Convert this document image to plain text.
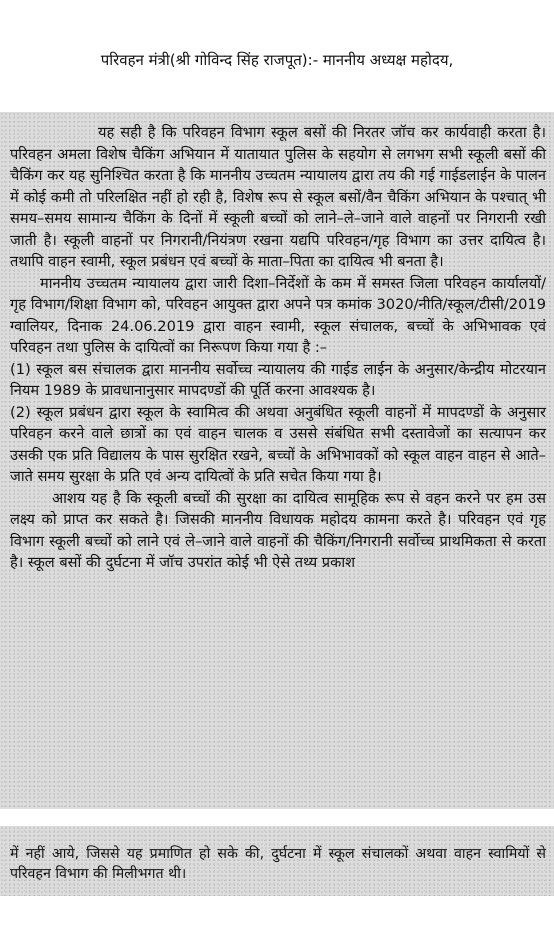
परिवहन मंत्री(श्री गोविन्द सिंह राजपूत):- माननीय अध्यक्ष महोदय,

यह सही है कि परिवहन विभाग स्कूल बसों की निरतर जॉच कर कार्यवाही करता है। परिवहन अमला विशेष चैकिंग अभियान में यातायात पुलिस के सहयोग से लगभग सभी स्कूली बसों की चैकिंग कर यह सुनिश्चित करता है कि माननीय उच्चतम न्यायालय द्वारा तय की गई गाईडलाईन के पालन में कोई कमी तो परिलक्षित नहीं हो रही है, विशेष रूप से स्कूल बसों/वैन चैकिंग अभियान के पश्चात् भी समय–समय सामान्य चैकिंग के दिनों में स्कूली बच्चों को लाने–ले–जाने वाले वाहनों पर निगरानी रखी जाती है। स्कूली वाहनों पर निगरानी/नियंत्रण रखना यद्यपि परिवहन/गृह विभाग का उत्तर दायित्व है। तथापि वाहन स्वामी, स्कूल प्रबंधन एवं बच्चों के माता–पिता का दायित्व भी बनता है।

माननीय उच्चतम न्यायालय द्वारा जारी दिशा–निर्देशों के कम में समस्त जिला परिवहन कार्यालयों/गृह विभाग/शिक्षा विभाग को, परिवहन आयुक्त द्वारा अपने पत्र कमांक 3020/नीति/स्कूल/टीसी/2019 ग्वालियर, दिनाक 24.06.2019 द्वारा वाहन स्वामी, स्कूल संचालक, बच्चों के अभिभावक एवं परिवहन तथा पुलिस के दायित्वों का निरूपण किया गया है :–

(1) स्कूल बस संचालक द्वारा माननीय सर्वोच्च न्यायालय की गाईड लाईन के अनुसार/केन्द्रीय मोटरयान नियम 1989 के प्रावधानानुसार मापदण्डों की पूर्ति करना आवश्यक है।

(2) स्कूल प्रबंधन द्वारा स्कूल के स्वामित्व की अथवा अनुबंधित स्कूली वाहनों में मापदण्डों के अनुसार परिवहन करने वाले छात्रों का एवं वाहन चालक व उससे संबंधित सभी दस्तावेजों का सत्यापन कर उसकी एक प्रति विद्यालय के पास सुरक्षित रखने, बच्चों के अभिभावकों को स्कूल वाहन वाहन से आते–जाते समय सुरक्षा के प्रति एवं अन्य दायित्वों के प्रति सचेत किया गया है।

आशय यह है कि स्कूली बच्चों की सुरक्षा का दायित्व सामूहिक रूप से वहन करने पर हम उस लक्ष्य को प्राप्त कर सकते है। जिसकी माननीय विधायक महोदय कामना करते है। परिवहन एवं गृह विभाग स्कूली बच्चों को लाने एवं ले–जाने वाले वाहनों की चैकिंग/निगरानी सर्वोच्च प्राथमिकता से करता है। स्कूल बसों की दुर्घटना में जॉच उपरांत कोई भी ऐसे तथ्य प्रकाश

में नहीं आये, जिससे यह प्रमाणित हो सके की, दुर्घटना में स्कूल संचालकों अथवा वाहन स्वामियों से परिवहन विभाग की मिलीभगत थी।
